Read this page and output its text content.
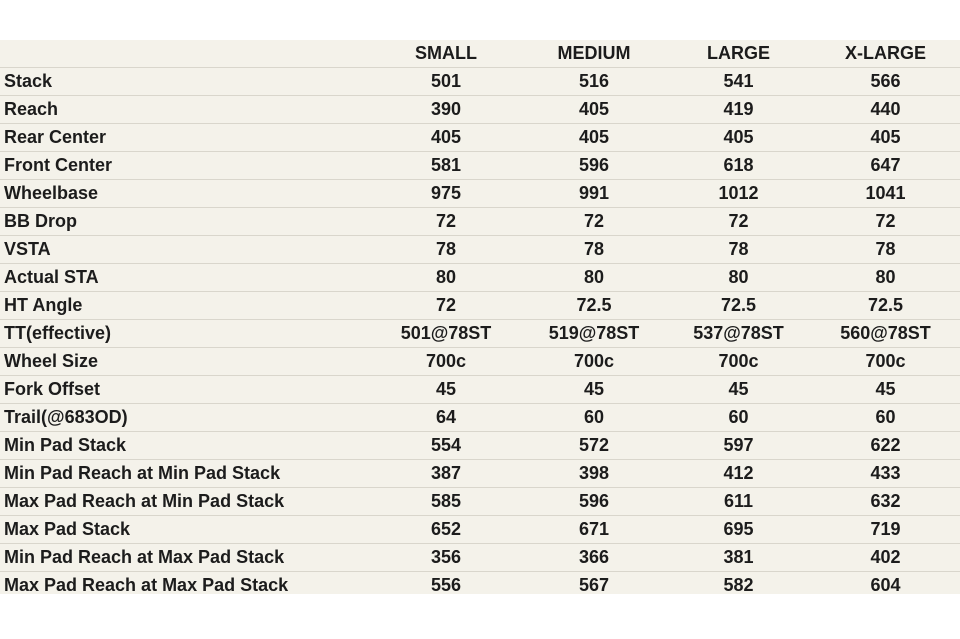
	SMALL	MEDIUM	LARGE	X-LARGE
Stack	501	516	541	566
Reach	390	405	419	440
Rear Center	405	405	405	405
Front Center	581	596	618	647
Wheelbase	975	991	1012	1041
BB Drop	72	72	72	72
VSTA	78	78	78	78
Actual STA	80	80	80	80
HT Angle	72	72.5	72.5	72.5
TT(effective)	501@78ST	519@78ST	537@78ST	560@78ST
Wheel Size	700c	700c	700c	700c
Fork Offset	45	45	45	45
Trail(@683OD)	64	60	60	60
Min Pad Stack	554	572	597	622
Min Pad Reach at Min Pad Stack	387	398	412	433
Max Pad Reach at Min Pad Stack	585	596	611	632
Max Pad Stack	652	671	695	719
Min Pad Reach at Max Pad Stack	356	366	381	402
Max Pad Reach at Max Pad Stack	556	567	582	604
